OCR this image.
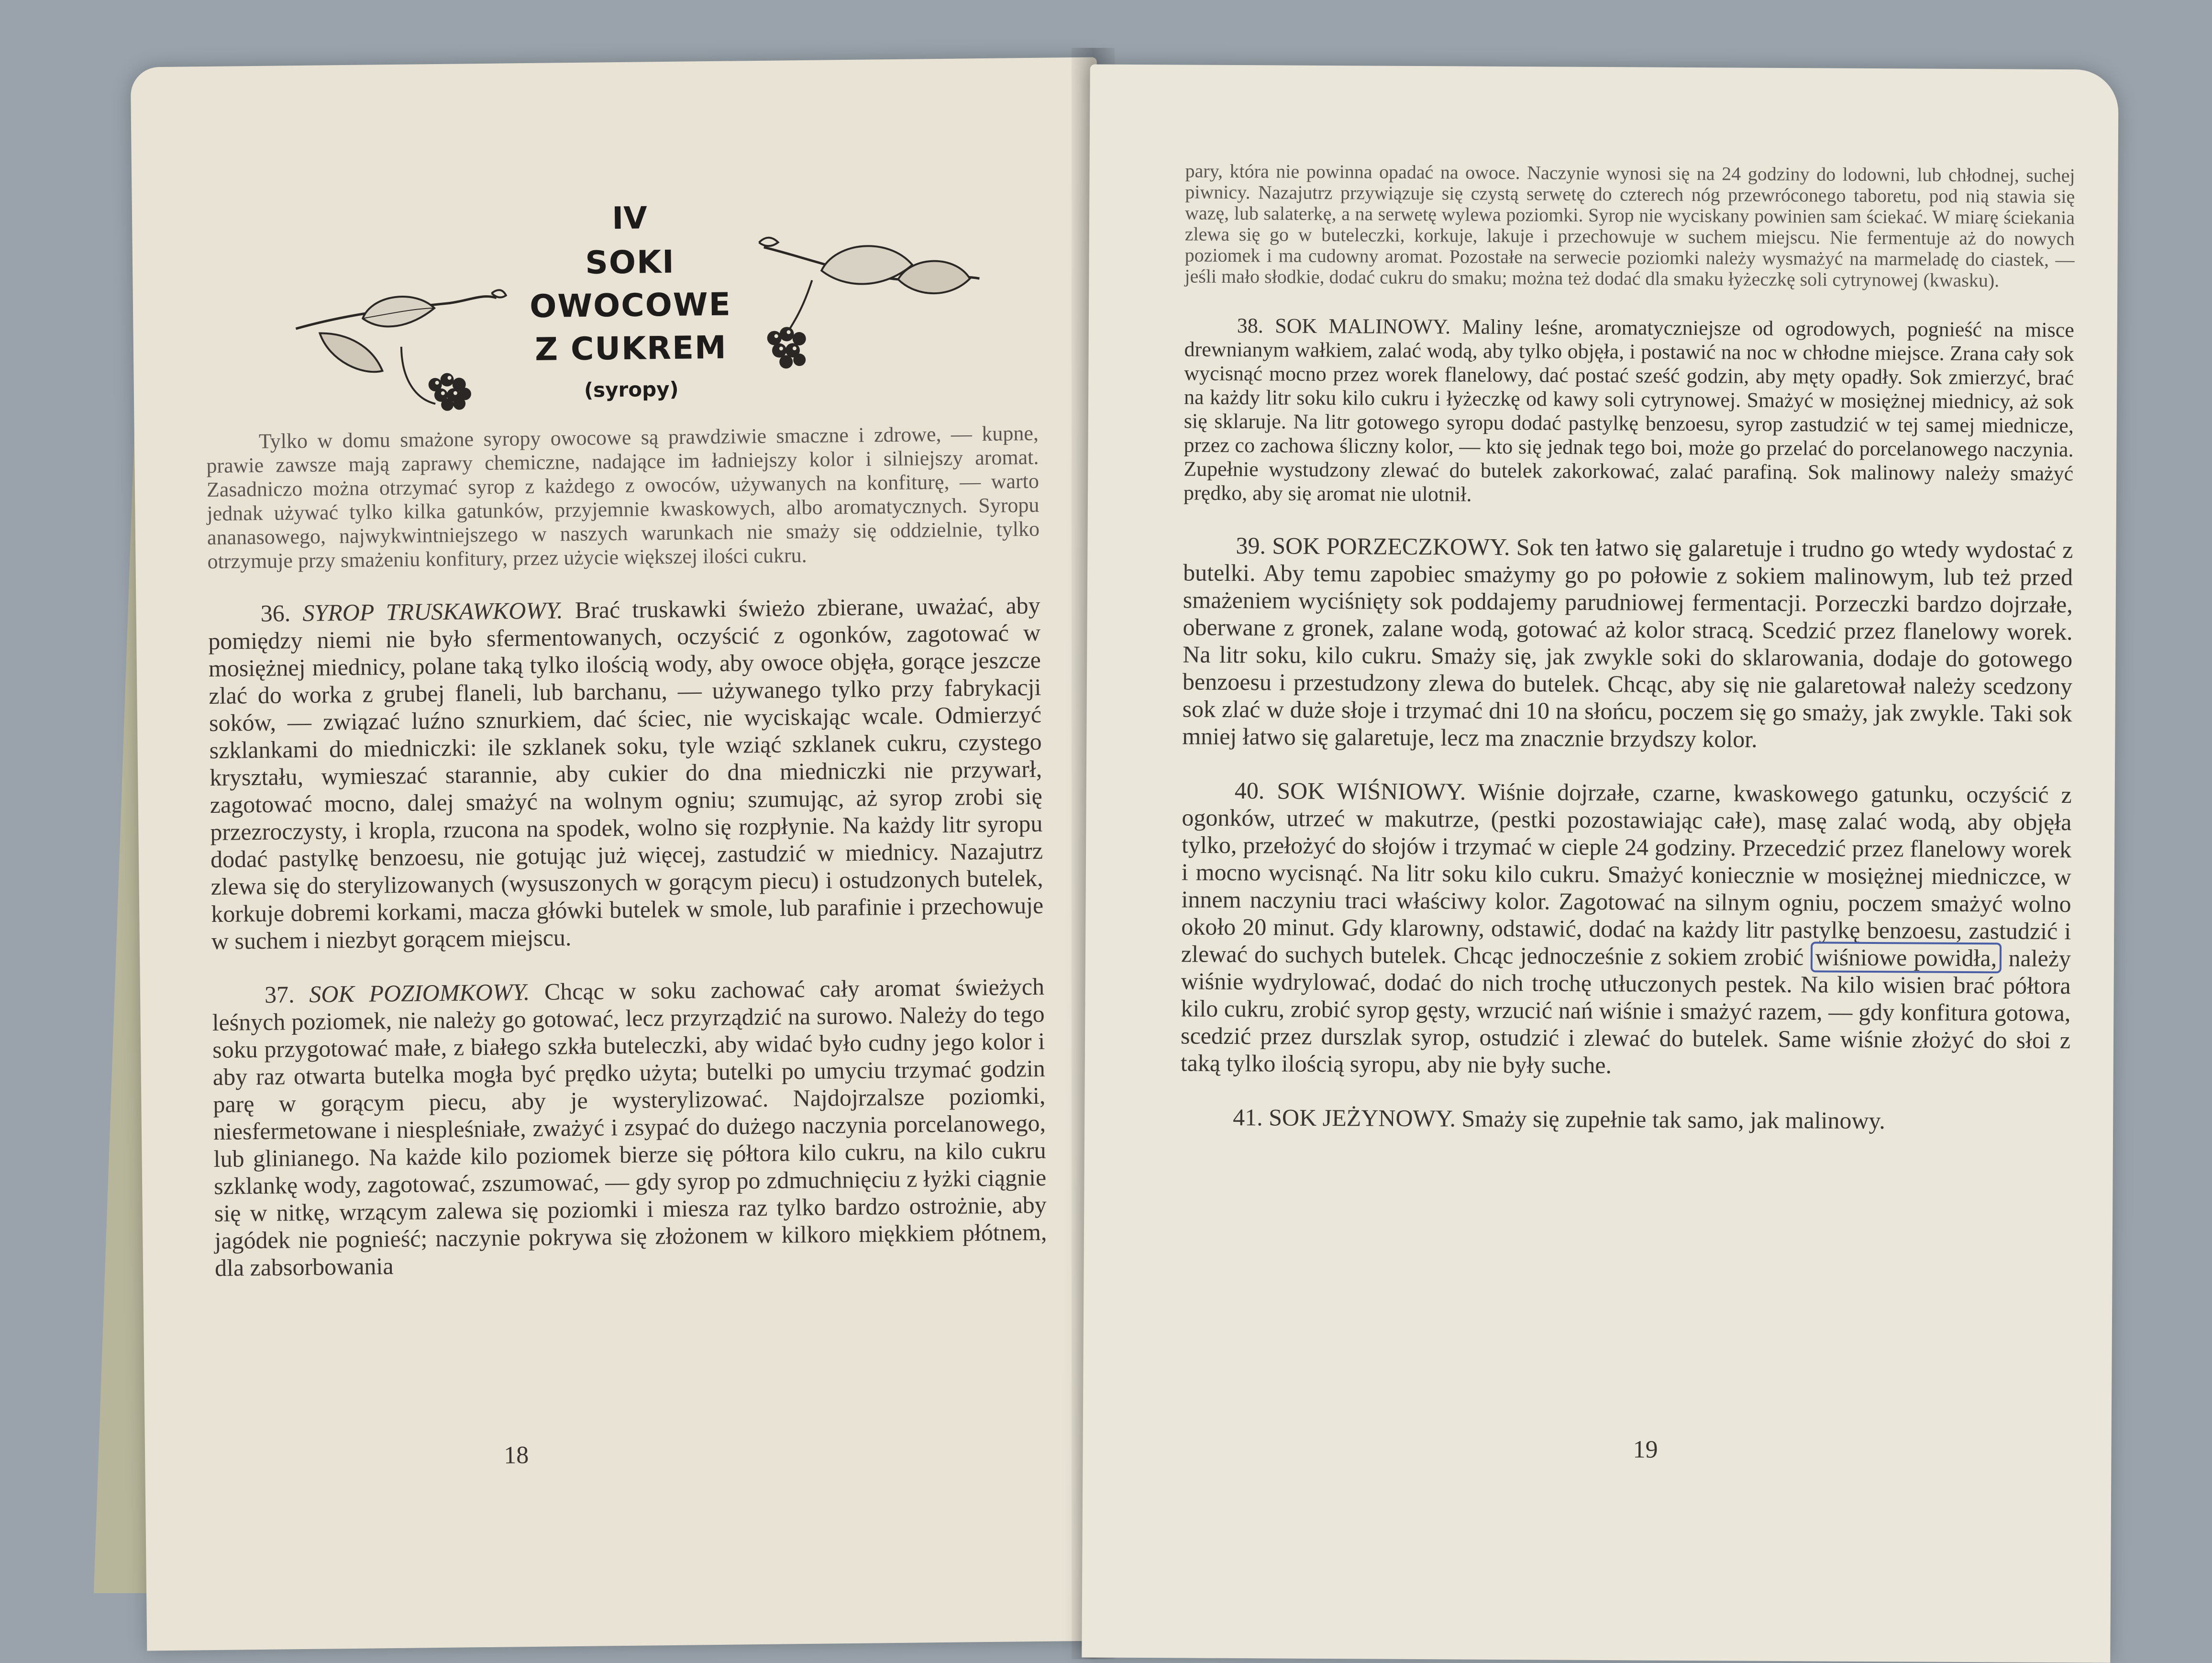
IV
SOKI
OWOCOWE
Z CUKREM
(syropy)

Tylko w domu smażone syropy owocowe są prawdziwie smaczne i zdrowe, — kupne, prawie zawsze mają zaprawy chemiczne, nadające im ładniejszy kolor i silniejszy aromat. Zasadniczo można otrzymać syrop z każdego z owoców, używanych na konfiturę, — warto jednak używać tylko kilka gatunków, przyjemnie kwaskowych, albo aromatycznych. Syropu ananasowego, najwykwintniejszego w naszych warunkach nie smaży się oddzielnie, tylko otrzymuje przy smażeniu konfitury, przez użycie większej ilości cukru.

36. SYROP TRUSKAWKOWY. Brać truskawki świeżo zbierane, uważać, aby pomiędzy niemi nie było sfermentowanych, oczyścić z ogonków, zagotować w mosiężnej miednicy, polane taką tylko ilością wody, aby owoce objęła, gorące jeszcze zlać do worka z grubej flaneli, lub barchanu, — używanego tylko przy fabrykacji soków, — związać luźno sznurkiem, dać ściec, nie wyciskając wcale. Odmierzyć szklankami do miedniczki: ile szklanek soku, tyle wziąć szklanek cukru, czystego kryształu, wymieszać starannie, aby cukier do dna miedniczki nie przywarł, zagotować mocno, dalej smażyć na wolnym ogniu; szumując, aż syrop zrobi się przezroczysty, i kropla, rzucona na spodek, wolno się rozpłynie. Na każdy litr syropu dodać pastylkę benzoesu, nie gotując już więcej, zastudzić w miednicy. Nazajutrz zlewa się do sterylizowanych (wysuszonych w gorącym piecu) i ostudzonych butelek, korkuje dobremi korkami, macza główki butelek w smole, lub parafinie i przechowuje w suchem i niezbyt gorącem miejscu.

37. SOK POZIOMKOWY. Chcąc w soku zachować cały aromat świeżych leśnych poziomek, nie należy go gotować, lecz przyrządzić na surowo. Należy do tego soku przygotować małe, z białego szkła buteleczki, aby widać było cudny jego kolor i aby raz otwarta butelka mogła być prędko użyta; butelki po umyciu trzymać godzin parę w gorącym piecu, aby je wysterylizować. Najdojrzalsze poziomki, niesfermetowane i niespleśniałe, zważyć i zsypać do dużego naczynia porcelanowego, lub glinianego. Na każde kilo poziomek bierze się półtora kilo cukru, na kilo cukru szklankę wody, zagotować, zszumować, — gdy syrop po zdmuchnięciu z łyżki ciągnie się w nitkę, wrzącym zalewa się poziomki i miesza raz tylko bardzo ostrożnie, aby jagódek nie pognieść; naczynie pokrywa się złożonem w kilkoro miękkiem płótnem, dla zabsorbowania

18

pary, która nie powinna opadać na owoce. Naczynie wynosi się na 24 godziny do lodowni, lub chłodnej, suchej piwnicy. Nazajutrz przywiązuje się czystą serwetę do czterech nóg przewróconego taboretu, pod nią stawia się wazę, lub salaterkę, a na serwetę wylewa poziomki. Syrop nie wyciskany powinien sam ściekać. W miarę ściekania zlewa się go w buteleczki, korkuje, lakuje i przechowuje w suchem miejscu. Nie fermentuje aż do nowych poziomek i ma cudowny aromat. Pozostałe na serwecie poziomki należy wysmażyć na marmeladę do ciastek, — jeśli mało słodkie, dodać cukru do smaku; można też dodać dla smaku łyżeczkę soli cytrynowej (kwasku).

38. SOK MALINOWY. Maliny leśne, aromatyczniejsze od ogrodowych, pognieść na misce drewnianym wałkiem, zalać wodą, aby tylko objęła, i postawić na noc w chłodne miejsce. Zrana cały sok wycisnąć mocno przez worek flanelowy, dać postać sześć godzin, aby męty opadły. Sok zmierzyć, brać na każdy litr soku kilo cukru i łyżeczkę od kawy soli cytrynowej. Smażyć w mosiężnej miednicy, aż sok się sklaruje. Na litr gotowego syropu dodać pastylkę benzoesu, syrop zastudzić w tej samej miednicze, przez co zachowa śliczny kolor, — kto się jednak tego boi, może go przelać do porcelanowego naczynia. Zupełnie wystudzony zlewać do butelek zakorkować, zalać parafiną. Sok malinowy należy smażyć prędko, aby się aromat nie ulotnił.

39. SOK PORZECZKOWY. Sok ten łatwo się galaretuje i trudno go wtedy wydostać z butelki. Aby temu zapobiec smażymy go po połowie z sokiem malinowym, lub też przed smażeniem wyciśnięty sok poddajemy parudniowej fermentacji. Porzeczki bardzo dojrzałe, oberwane z gronek, zalane wodą, gotować aż kolor stracą. Scedzić przez flanelowy worek. Na litr soku, kilo cukru. Smaży się, jak zwykle soki do sklarowania, dodaje do gotowego benzoesu i przestudzony zlewa do butelek. Chcąc, aby się nie galaretował należy scedzony sok zlać w duże słoje i trzymać dni 10 na słońcu, poczem się go smaży, jak zwykle. Taki sok mniej łatwo się galaretuje, lecz ma znacznie brzydszy kolor.

40. SOK WIŚNIOWY. Wiśnie dojrzałe, czarne, kwaskowego gatunku, oczyścić z ogonków, utrzeć w makutrze, (pestki pozostawiając całe), masę zalać wodą, aby objęła tylko, przełożyć do słojów i trzymać w cieple 24 godziny. Przecedzić przez flanelowy worek i mocno wycisnąć. Na litr soku kilo cukru. Smażyć koniecznie w mosiężnej miedniczce, w innem naczyniu traci właściwy kolor. Zagotować na silnym ogniu, poczem smażyć wolno około 20 minut. Gdy klarowny, odstawić, dodać na każdy litr pastylkę benzoesu, zastudzić i zlewać do suchych butelek. Chcąc jednocześnie z sokiem zrobić wiśniowe powidła, należy wiśnie wydrylować, dodać do nich trochę utłuczonych pestek. Na kilo wisien brać półtora kilo cukru, zrobić syrop gęsty, wrzucić nań wiśnie i smażyć razem, — gdy konfitura gotowa, scedzić przez durszlak syrop, ostudzić i zlewać do butelek. Same wiśnie złożyć do słoi z taką tylko ilością syropu, aby nie były suche.

41. SOK JEŻYNOWY. Smaży się zupełnie tak samo, jak malinowy.

19
